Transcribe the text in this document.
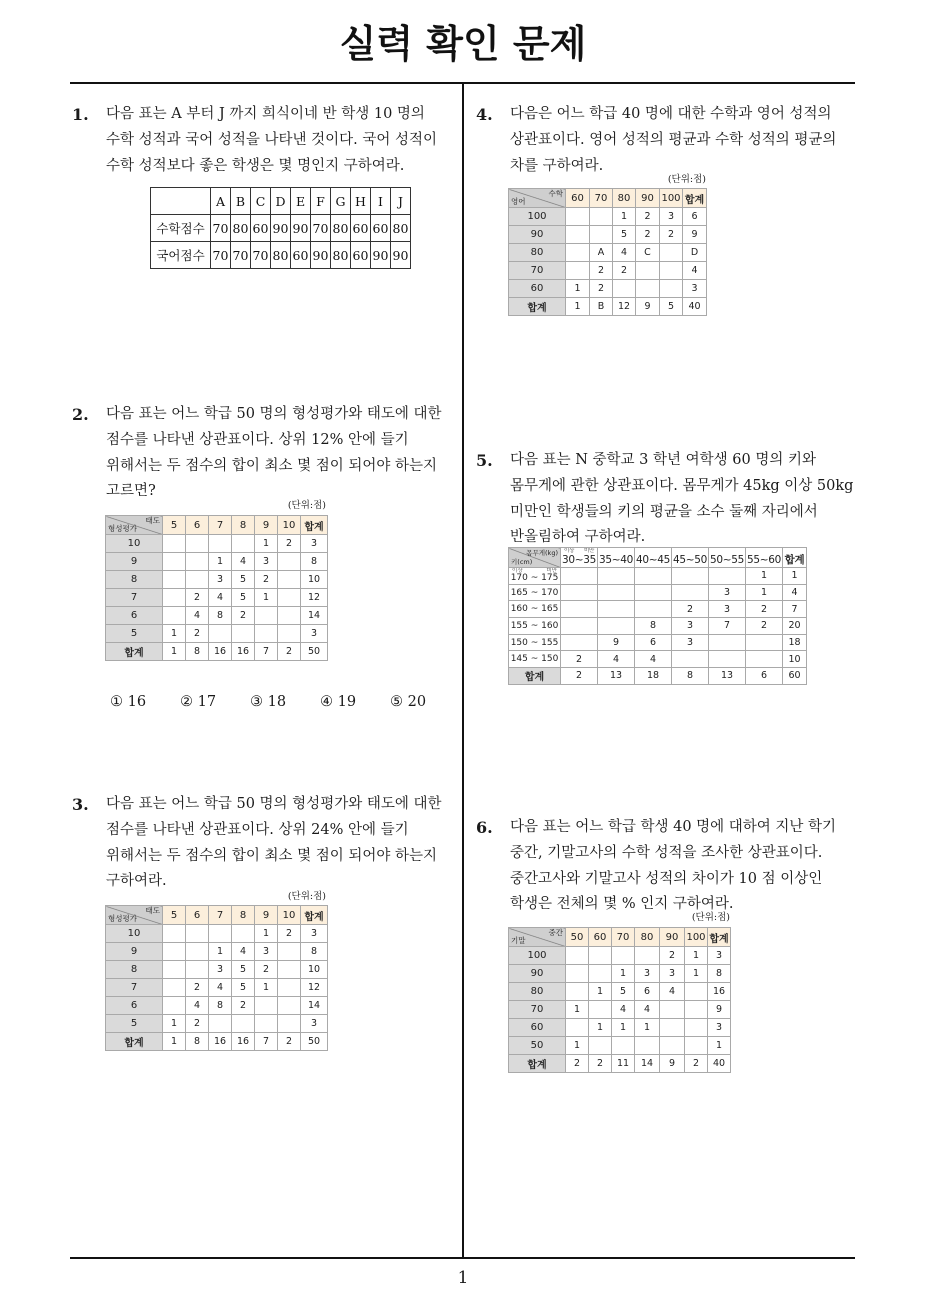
실력 확인 문제
1
1. 다음 표는 A 부터 J 까지 희식이네 반 학생 10 명의
수학 성적과 국어 성적을 나타낸 것이다. 국어 성적이
수학 성적보다 좋은 학생은 몇 명인지 구하여라.
	A	B	C	D	E	F	G	H	I	J
수학점수	70	80	60	90	90	70	80	60	60	80
국어점수	70	70	70	80	60	90	80	60	90	90
2. 다음 표는 어느 학급 50 명의 형성평가와 태도에 대한
점수를 나타낸 상관표이다. 상위 12% 안에 들기
위해서는 두 점수의 합이 최소 몇 점이 되어야 하는지
고르면?
(단위:점)
태도
형성평가	5	6	7	8	9	10	합계
10					1	2	3
9			1	4	3		8
8			3	5	2		10
7		2	4	5	1		12
6		4	8	2			14
5	1	2					3
합계	1	8	16	16	7	2	50
① 16 ② 17 ③ 18 ④ 19 ⑤ 20
3. 다음 표는 어느 학급 50 명의 형성평가와 태도에 대한
점수를 나타낸 상관표이다. 상위 24% 안에 들기
위해서는 두 점수의 합이 최소 몇 점이 되어야 하는지
구하여라.
(단위:점)
태도
형성평가	5	6	7	8	9	10	합계
10					1	2	3
9			1	4	3		8
8			3	5	2		10
7		2	4	5	1		12
6		4	8	2			14
5	1	2					3
합계	1	8	16	16	7	2	50
4. 다음은 어느 학급 40 명에 대한 수학과 영어 성적의
상관표이다. 영어 성적의 평균과 수학 성적의 평균의
차를 구하여라.
(단위:점)
수학
영어	60	70	80	90	100	합계
100			1	2	3	6
90			5	2	2	9
80		A	4	C		D
70		2	2			4
60	1	2				3
합계	1	B	12	9	5	40
5. 다음 표는 N 중학교 3 학년 여학생 60 명의 키와
몸무게에 관한 상관표이다. 몸무게가 45kg 이상 50kg
미만인 학생들의 키의 평균을 소수 둘째 자리에서
반올림하여 구하여라.
몸무게(kg)
키(cm)	이상 미만
30~35	35~40	40~45	45~50	50~55	55~60	합계

이상 미만
170 ~ 175						1	1
165 ~ 170					3	1	4
160 ~ 165				2	3	2	7
155 ~ 160			8	3	7	2	20
150 ~ 155		9	6	3			18
145 ~ 150	2	4	4				10
합계	2	13	18	8	13	6	60
6. 다음 표는 어느 학급 학생 40 명에 대하여 지난 학기
중간, 기말고사의 수학 성적을 조사한 상관표이다.
중간고사와 기말고사 성적의 차이가 10 점 이상인
학생은 전체의 몇 % 인지 구하여라.
(단위:점)
중간
기말	50	60	70	80	90	100	합계
100					2	1	3
90			1	3	3	1	8
80		1	5	6	4		16
70	1		4	4			9
60		1	1	1			3
50	1						1
합계	2	2	11	14	9	2	40
